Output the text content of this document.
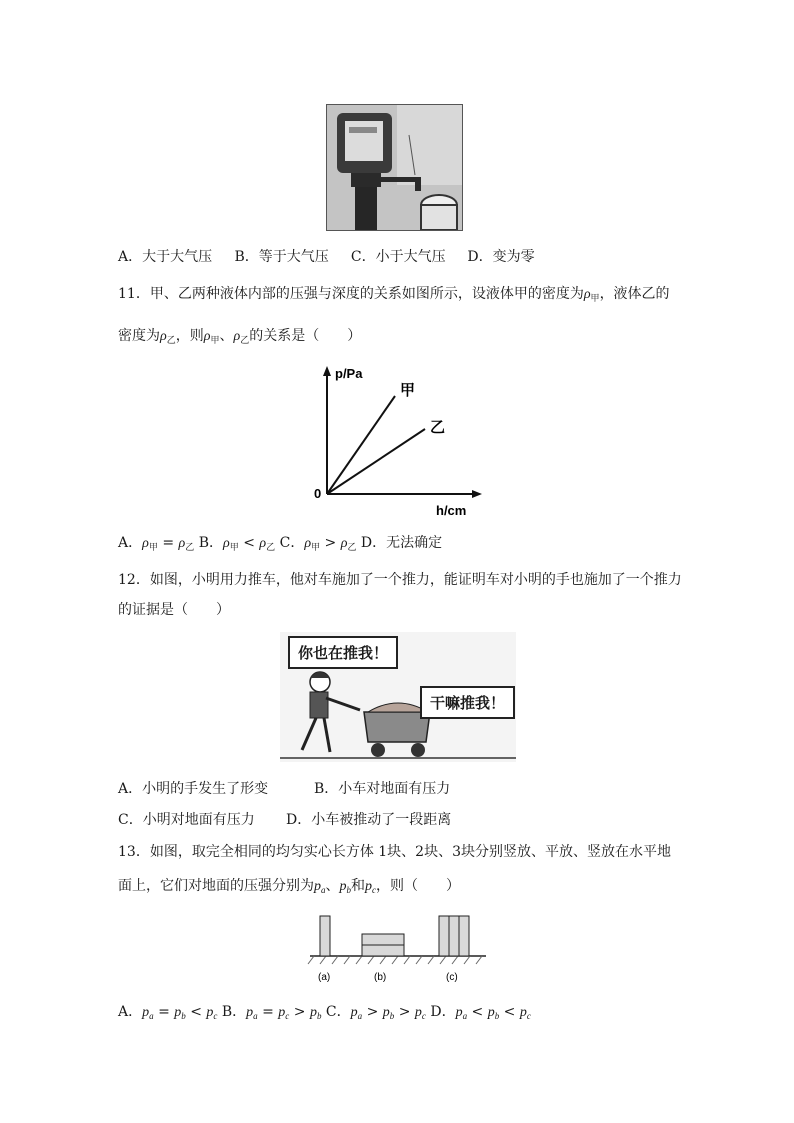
A．大于大气压 B．等于大气压 C．小于大气压 D．变为零
11．甲、乙两种液体内部的压强与深度的关系如图所示，设液体甲的密度为$\rho_甲$，液体乙的
密度为$\rho_乙$，则$\rho_甲$、$\rho_乙$的关系是（　　）
p/Pa
h/cm
0
甲
乙
A．$\rho_甲 = \rho_乙$ B．$\rho_甲 < \rho_乙$ C．$\rho_甲 > \rho_乙$ D．无法确定
12．如图，小明用力推车，他对车施加了一个推力，能证明车对小明的手也施加了一个推力
的证据是（　　）
你也在推我！
干嘛推我！
A．小明的手发生了形变	B．小车对地面有压力
C．小明对地面有压力 D．小车被推动了一段距离
13．如图，取完全相同的均匀实心长方体 1块、2块、3块分别竖放、平放、竖放在水平地
面上，它们对地面的压强分别为$p_a$、$p_b$和$p_c$，则（　　）
(a)	(b)	(c)
A．$p_a = p_b < p_c$ B．$p_a = p_c > p_b$ C．$p_a > p_b > p_c$ D．$p_a < p_b < p_c$
